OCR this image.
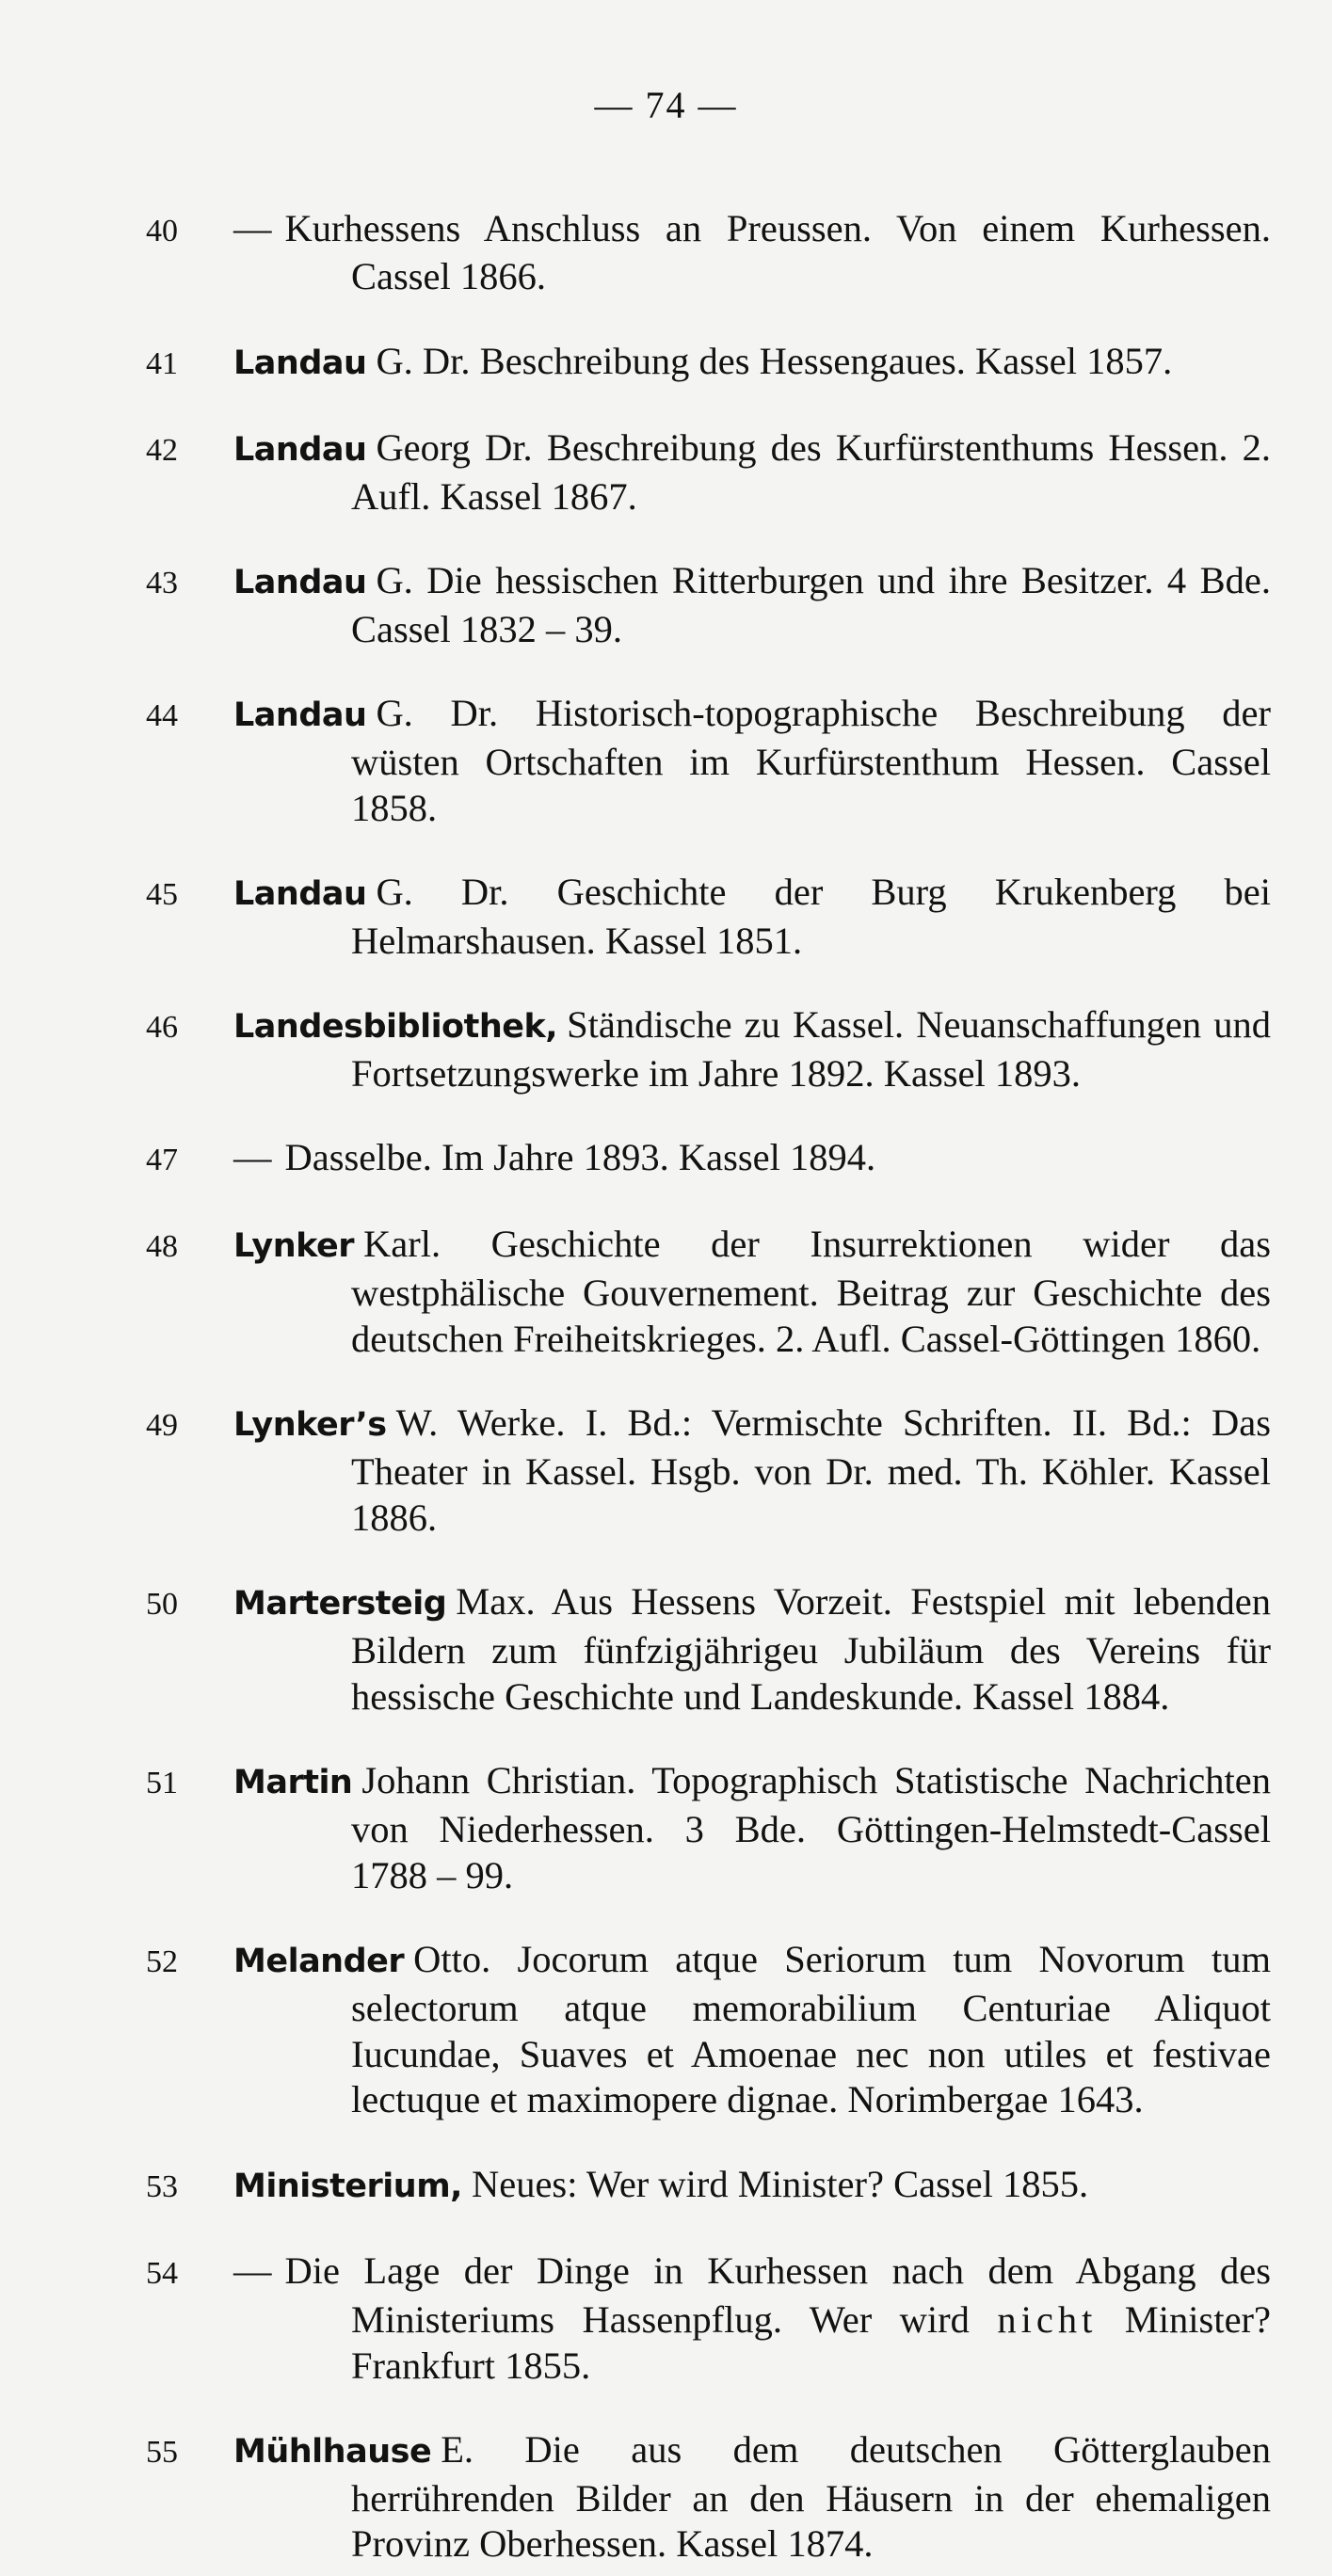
— 74 —

40 — Kurhessens Anschluss an Preussen. Von einem Kurhessen. Cassel 1866.

41 Landau G. Dr. Beschreibung des Hessengaues. Kassel 1857.

42 Landau Georg Dr. Beschreibung des Kurfürstenthums Hessen. 2. Aufl. Kassel 1867.

43 Landau G. Die hessischen Ritterburgen und ihre Besitzer. 4 Bde. Cassel 1832 – 39.

44 Landau G. Dr. Historisch-topographische Beschreibung der wüsten Ortschaften im Kurfürstenthum Hessen. Cassel 1858.

45 Landau G. Dr. Geschichte der Burg Krukenberg bei Helmarshausen. Kassel 1851.

46 Landesbibliothek, Ständische zu Kassel. Neuanschaffungen und Fortsetzungswerke im Jahre 1892. Kassel 1893.

47 — Dasselbe. Im Jahre 1893. Kassel 1894.

48 Lynker Karl. Geschichte der Insurrektionen wider das westphälische Gouvernement. Beitrag zur Geschichte des deutschen Freiheitskrieges. 2. Aufl. Cassel-Göttingen 1860.

49 Lynker’s W. Werke. I. Bd.: Vermischte Schriften. II. Bd.: Das Theater in Kassel. Hsgb. von Dr. med. Th. Köhler. Kassel 1886.

50 Martersteig Max. Aus Hessens Vorzeit. Festspiel mit lebenden Bildern zum fünfzigjährigeu Jubiläum des Vereins für hessische Geschichte und Landeskunde. Kassel 1884.

51 Martin Johann Christian. Topographisch Statistische Nachrichten von Niederhessen. 3 Bde. Göttingen-Helmstedt-Cassel 1788 – 99.

52 Melander Otto. Jocorum atque Seriorum tum Novorum tum selectorum atque memorabilium Centuriae Aliquot Iucundae, Suaves et Amoenae nec non utiles et festivae lectuque et maximopere dignae. Norimbergae 1643.

53 Ministerium, Neues: Wer wird Minister? Cassel 1855.

54 — Die Lage der Dinge in Kurhessen nach dem Abgang des Ministeriums Hassenpflug. Wer wird nicht Minister? Frankfurt 1855.

55 Mühlhause E. Die aus dem deutschen Götterglauben herrührenden Bilder an den Häusern in der ehemaligen Provinz Oberhessen. Kassel 1874.
